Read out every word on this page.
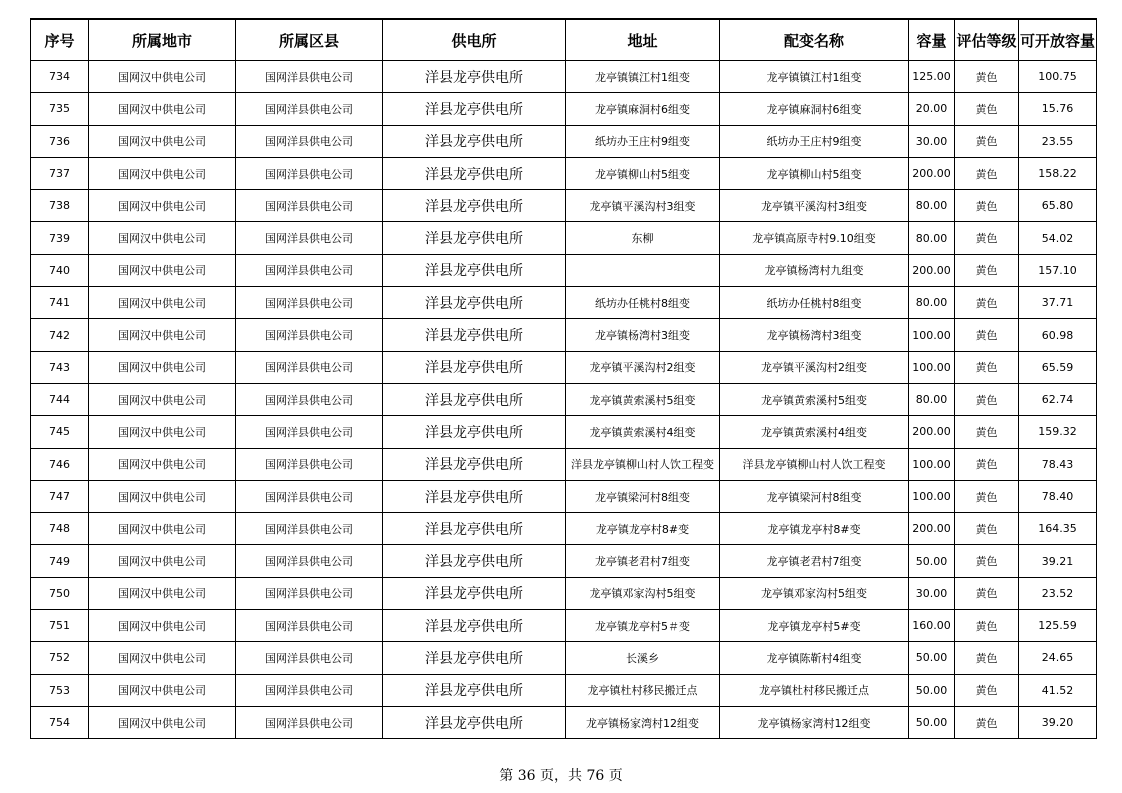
序号	所属地市	所属区县	供电所	地址	配变名称	容量	评估等级	可开放容量
734	国网汉中供电公司	国网洋县供电公司	洋县龙亭供电所	龙亭镇镇江村1组变	龙亭镇镇江村1组变	125.00	黄色	100.75
735	国网汉中供电公司	国网洋县供电公司	洋县龙亭供电所	龙亭镇麻洞村6组变	龙亭镇麻洞村6组变	20.00	黄色	15.76
736	国网汉中供电公司	国网洋县供电公司	洋县龙亭供电所	纸坊办王庄村9组变	纸坊办王庄村9组变	30.00	黄色	23.55
737	国网汉中供电公司	国网洋县供电公司	洋县龙亭供电所	龙亭镇柳山村5组变	龙亭镇柳山村5组变	200.00	黄色	158.22
738	国网汉中供电公司	国网洋县供电公司	洋县龙亭供电所	龙亭镇平溪沟村3组变	龙亭镇平溪沟村3组变	80.00	黄色	65.80
739	国网汉中供电公司	国网洋县供电公司	洋县龙亭供电所	东柳	龙亭镇高原寺村9.10组变	80.00	黄色	54.02
740	国网汉中供电公司	国网洋县供电公司	洋县龙亭供电所		龙亭镇杨湾村九组变	200.00	黄色	157.10
741	国网汉中供电公司	国网洋县供电公司	洋县龙亭供电所	纸坊办任桃村8组变	纸坊办任桃村8组变	80.00	黄色	37.71
742	国网汉中供电公司	国网洋县供电公司	洋县龙亭供电所	龙亭镇杨湾村3组变	龙亭镇杨湾村3组变	100.00	黄色	60.98
743	国网汉中供电公司	国网洋县供电公司	洋县龙亭供电所	龙亭镇平溪沟村2组变	龙亭镇平溪沟村2组变	100.00	黄色	65.59
744	国网汉中供电公司	国网洋县供电公司	洋县龙亭供电所	龙亭镇黄索溪村5组变	龙亭镇黄索溪村5组变	80.00	黄色	62.74
745	国网汉中供电公司	国网洋县供电公司	洋县龙亭供电所	龙亭镇黄索溪村4组变	龙亭镇黄索溪村4组变	200.00	黄色	159.32
746	国网汉中供电公司	国网洋县供电公司	洋县龙亭供电所	洋县龙亭镇柳山村人饮工程变	洋县龙亭镇柳山村人饮工程变	100.00	黄色	78.43
747	国网汉中供电公司	国网洋县供电公司	洋县龙亭供电所	龙亭镇梁河村8组变	龙亭镇梁河村8组变	100.00	黄色	78.40
748	国网汉中供电公司	国网洋县供电公司	洋县龙亭供电所	龙亭镇龙亭村8#变	龙亭镇龙亭村8#变	200.00	黄色	164.35
749	国网汉中供电公司	国网洋县供电公司	洋县龙亭供电所	龙亭镇老君村7组变	龙亭镇老君村7组变	50.00	黄色	39.21
750	国网汉中供电公司	国网洋县供电公司	洋县龙亭供电所	龙亭镇邓家沟村5组变	龙亭镇邓家沟村5组变	30.00	黄色	23.52
751	国网汉中供电公司	国网洋县供电公司	洋县龙亭供电所	龙亭镇龙亭村5＃变	龙亭镇龙亭村5#变	160.00	黄色	125.59
752	国网汉中供电公司	国网洋县供电公司	洋县龙亭供电所	长溪乡	龙亭镇陈靳村4组变	50.00	黄色	24.65
753	国网汉中供电公司	国网洋县供电公司	洋县龙亭供电所	龙亭镇杜村移民搬迁点	龙亭镇杜村移民搬迁点	50.00	黄色	41.52
754	国网汉中供电公司	国网洋县供电公司	洋县龙亭供电所	龙亭镇杨家湾村12组变	龙亭镇杨家湾村12组变	50.00	黄色	39.20
第 36 页，共 76 页
